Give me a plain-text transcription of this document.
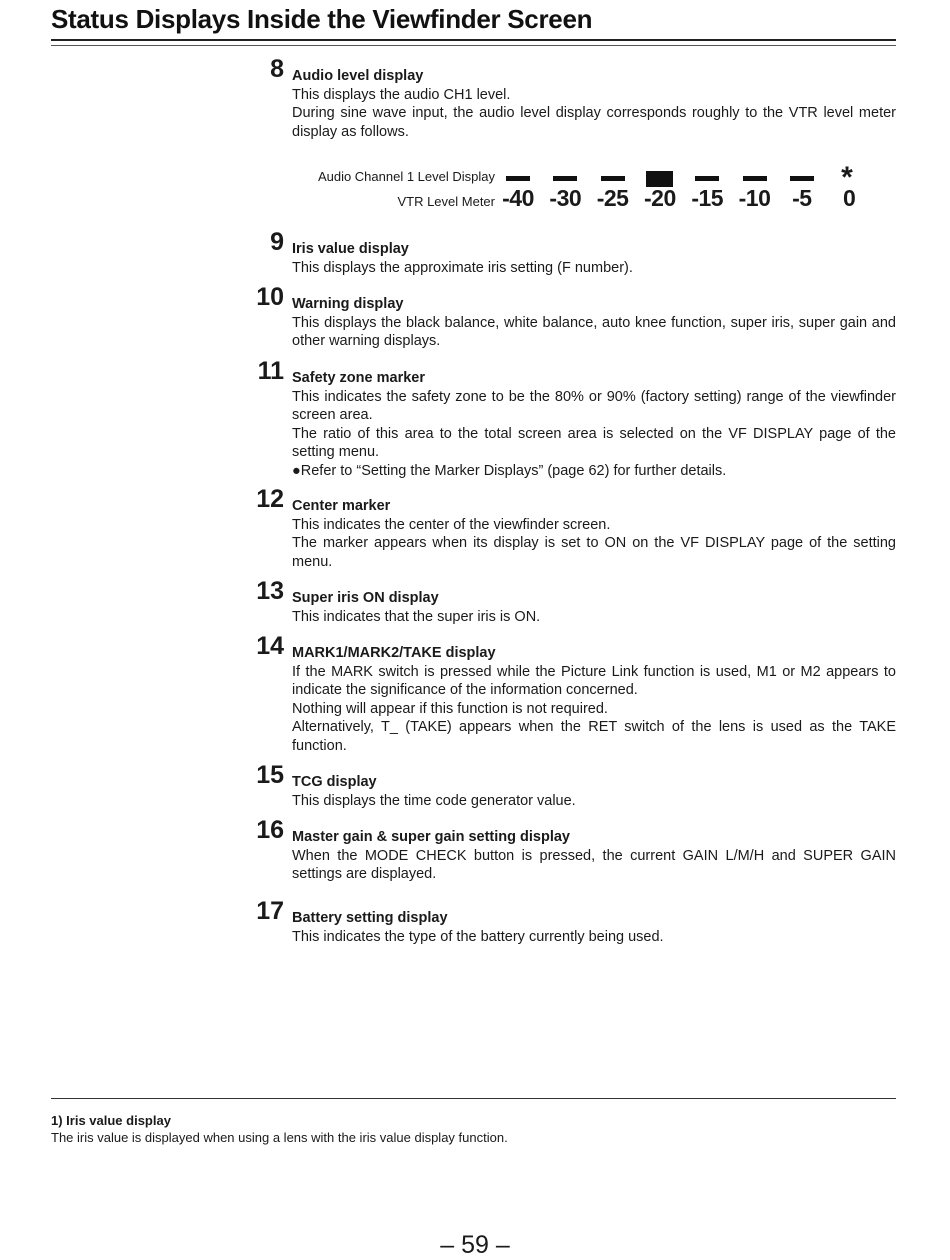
Status Displays Inside the Viewfinder Screen
8 Audio level display

This displays the audio CH1 level.

During sine wave input, the audio level display corresponds roughly to the VTR level meter display as follows.

Audio Channel 1 Level Display
VTR Level Meter -40 -30 -25 -20 -15 -10 -5
*
0
9 Iris value display

This displays the approximate iris setting (F number).

10 Warning display

This displays the black balance, white balance, auto knee function, super iris, super gain and other warning displays.

11 Safety zone marker

This indicates the safety zone to be the 80% or 90% (factory setting) range of the viewfinder screen area.

The ratio of this area to the total screen area is selected on the VF DISPLAY page of the setting menu.

●Refer to “Setting the Marker Displays” (page 62) for further details.

12 Center marker

This indicates the center of the viewfinder screen.

The marker appears when its display is set to ON on the VF DISPLAY page of the setting menu.

13 Super iris ON display

This indicates that the super iris is ON.

14 MARK1/MARK2/TAKE display

If the MARK switch is pressed while the Picture Link function is used, M1 or M2 appears to indicate the significance of the information concerned.

Nothing will appear if this function is not required.

Alternatively, T_ (TAKE) appears when the RET switch of the lens is used as the TAKE function.

15 TCG display

This displays the time code generator value.

16 Master gain & super gain setting display

When the MODE CHECK button is pressed, the current GAIN L/M/H and SUPER GAIN settings are displayed.

17 Battery setting display

This indicates the type of the battery currently being used.

1) Iris value display
The iris value is displayed when using a lens with the iris value display function.
– 59 –
